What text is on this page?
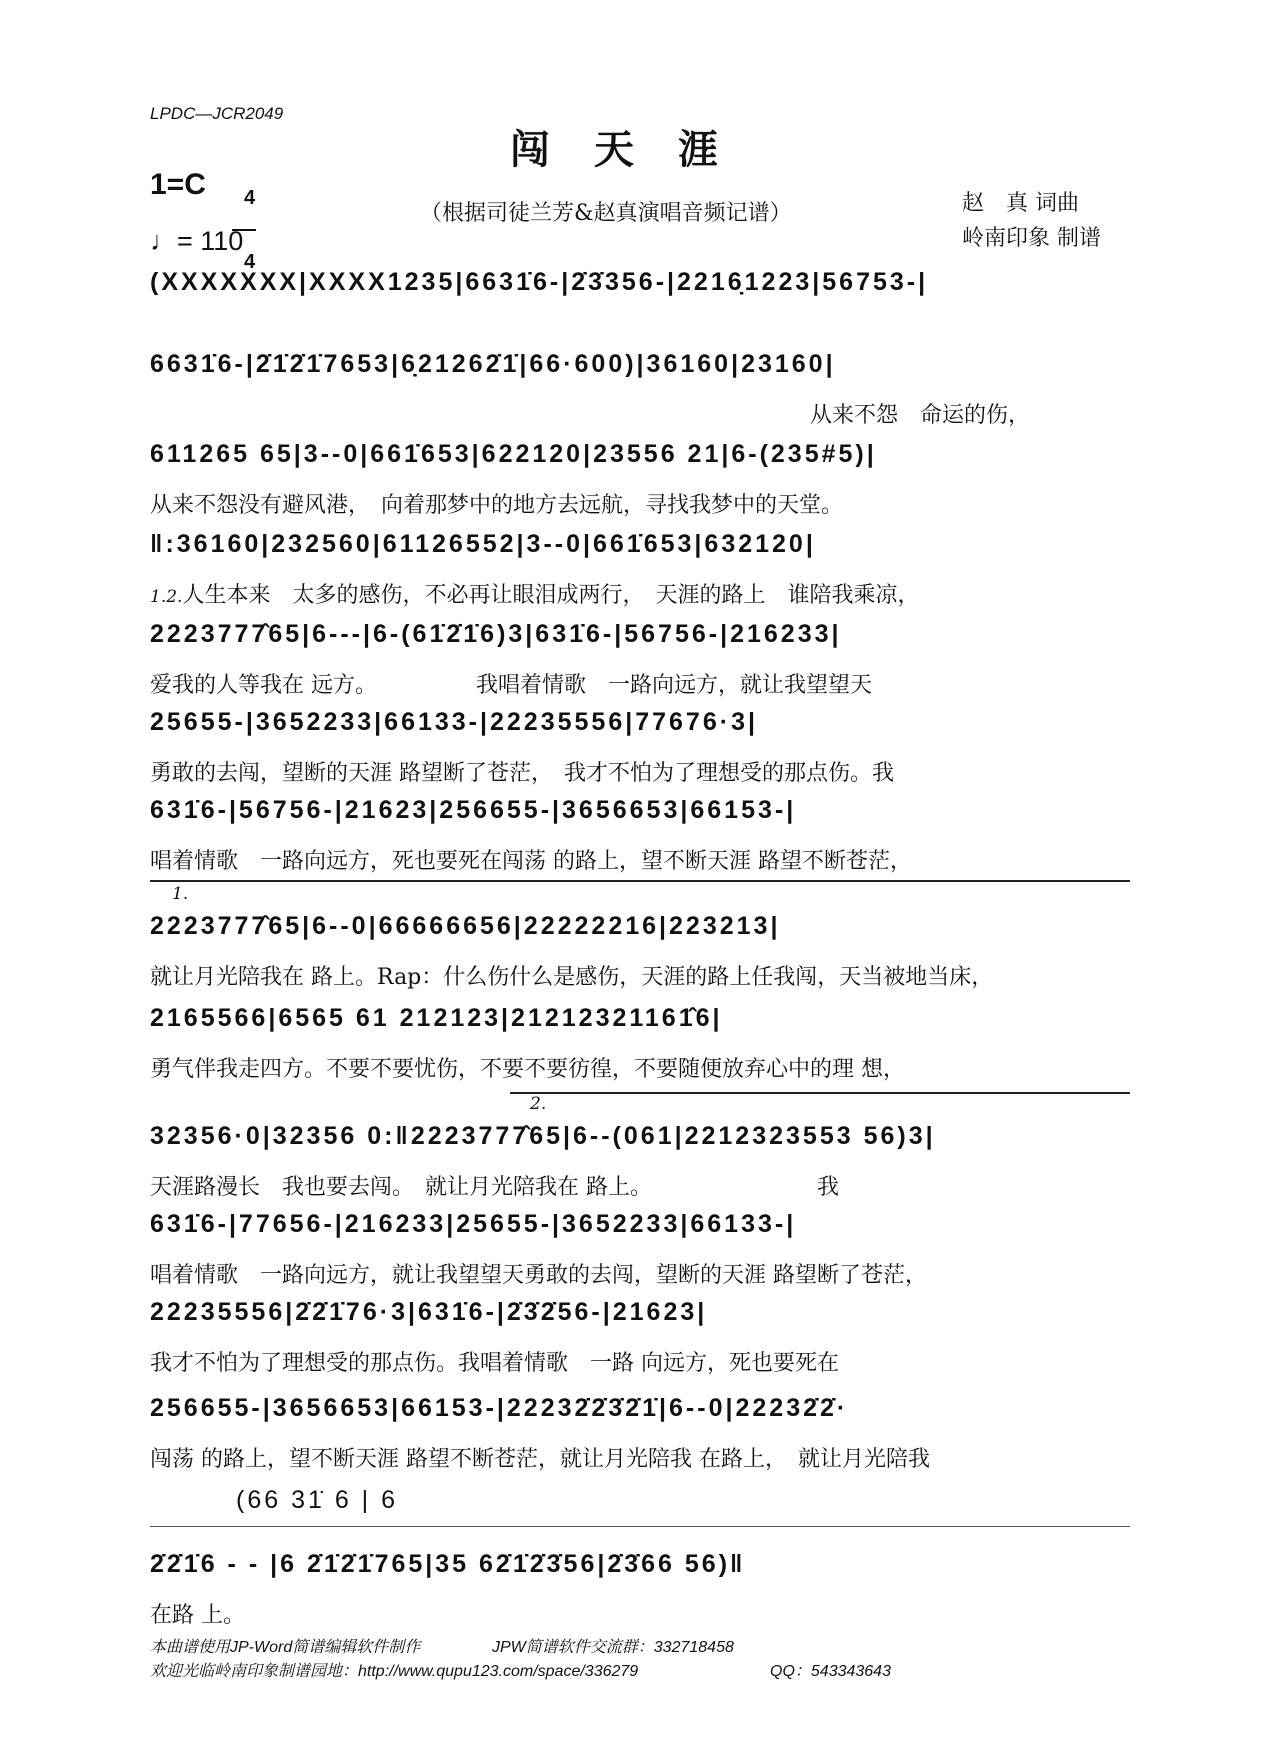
LPDC—JCR2049
闯天涯
1=C	4

4

♩= 110
（根据司徒兰芳&赵真演唱音频记谱）	赵　真 词曲
岭南印象 制谱
(XXXXXXX|XXXX1235|6631̇6-|2̇3̇356-|2216̣1223|56753-|
6631̇6-|2̇1̇2̇1̇7653|6̣21262̇1̇|66·600)|36160|23160|
从来不怨　命运的伤，
611265 65|3--0|661̇653|622120|23556 21|6-(235#5)|
从来不怨没有避风港，　向着那梦中的地方去远航，寻找我梦中的天堂。
‖:36160|232560|61126552|3--0|661̇653|632120|
1.2.人生本来　太多的感伤，不必再让眼泪成两行，　天涯的路上　谁陪我乘凉，
2223777̂65|6---|6-(61̇2̇1̇6)3|631̇6-|56756-|216233|
爱我的人等我在 远方。　　　　　我唱着情歌　一路向远方，就让我望望天
25655-|3652233|66133-|22235556|77676·3|
勇敢的去闯，望断的天涯 路望断了苍茫，　我才不怕为了理想受的那点伤。我
631̇6-|56756-|21623|256655-|3656653|66153-|
唱着情歌　一路向远方，死也要死在闯荡 的路上，望不断天涯 路望不断苍茫，
1.
2223777̂65|6--0|66666656|22222216|223213|
就让月光陪我在 路上。Rap：什么伤什么是感伤，天涯的路上任我闯，天当被地当床，
2165566|6565 61 212123|21212321161̂6|
勇气伴我走四方。不要不要忧伤，不要不要彷徨，不要随便放弃心中的理 想，
2.
32356·0|32356 0:‖2223777̂65|6--(061|2212323553 56)3|
天涯路漫长　我也要去闯。　就让月光陪我在 路上。　　　　　　　　我
631̇6-|77656-|216233|25655-|3652233|66133-|
唱着情歌　一路向远方，就让我望望天勇敢的去闯，望断的天涯 路望断了苍茫，
22235556|2̇2̇1̇76·3|631̇6-|2̇3̇2̇56-|21623|
我才不怕为了理想受的那点伤。我唱着情歌　一路 向远方，死也要死在
256655-|3656653|66153-|22232̇2̇3̇2̇1̇|6--0|22232̇2̇·
闯荡 的路上，望不断天涯 路望不断苍茫，就让月光陪我 在路上，　就让月光陪我
(66 31̇ 6 | 6
2̇2̇1̇6 - - |6 2̇1̇2̇1̇765|35 62̇1̇2̇3̇56|2̇3̇66 56)‖
在路 上。
本曲谱使用JP-Word简谱编辑软件制作	JPW简谱软件交流群：332718458
欢迎光临岭南印象制谱园地：http://www.qupu123.com/space/336279	QQ：543343643
